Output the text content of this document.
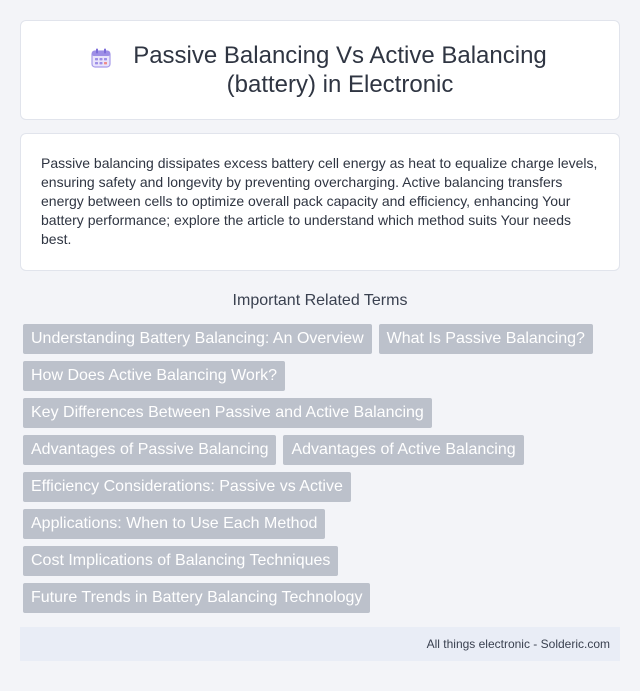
Passive Balancing Vs Active Balancing (battery) in Electronic

Passive balancing dissipates excess battery cell energy as heat to equalize charge levels, ensuring safety and longevity by preventing overcharging. Active balancing transfers energy between cells to optimize overall pack capacity and efficiency, enhancing Your battery performance; explore the article to understand which method suits Your needs best.

Important Related Terms
Understanding Battery Balancing: An Overview	What Is Passive Balancing?
How Does Active Balancing Work?
Key Differences Between Passive and Active Balancing
Advantages of Passive Balancing	Advantages of Active Balancing
Efficiency Considerations: Passive vs Active
Applications: When to Use Each Method
Cost Implications of Balancing Techniques
Future Trends in Battery Balancing Technology
All things electronic - Solderic.com
